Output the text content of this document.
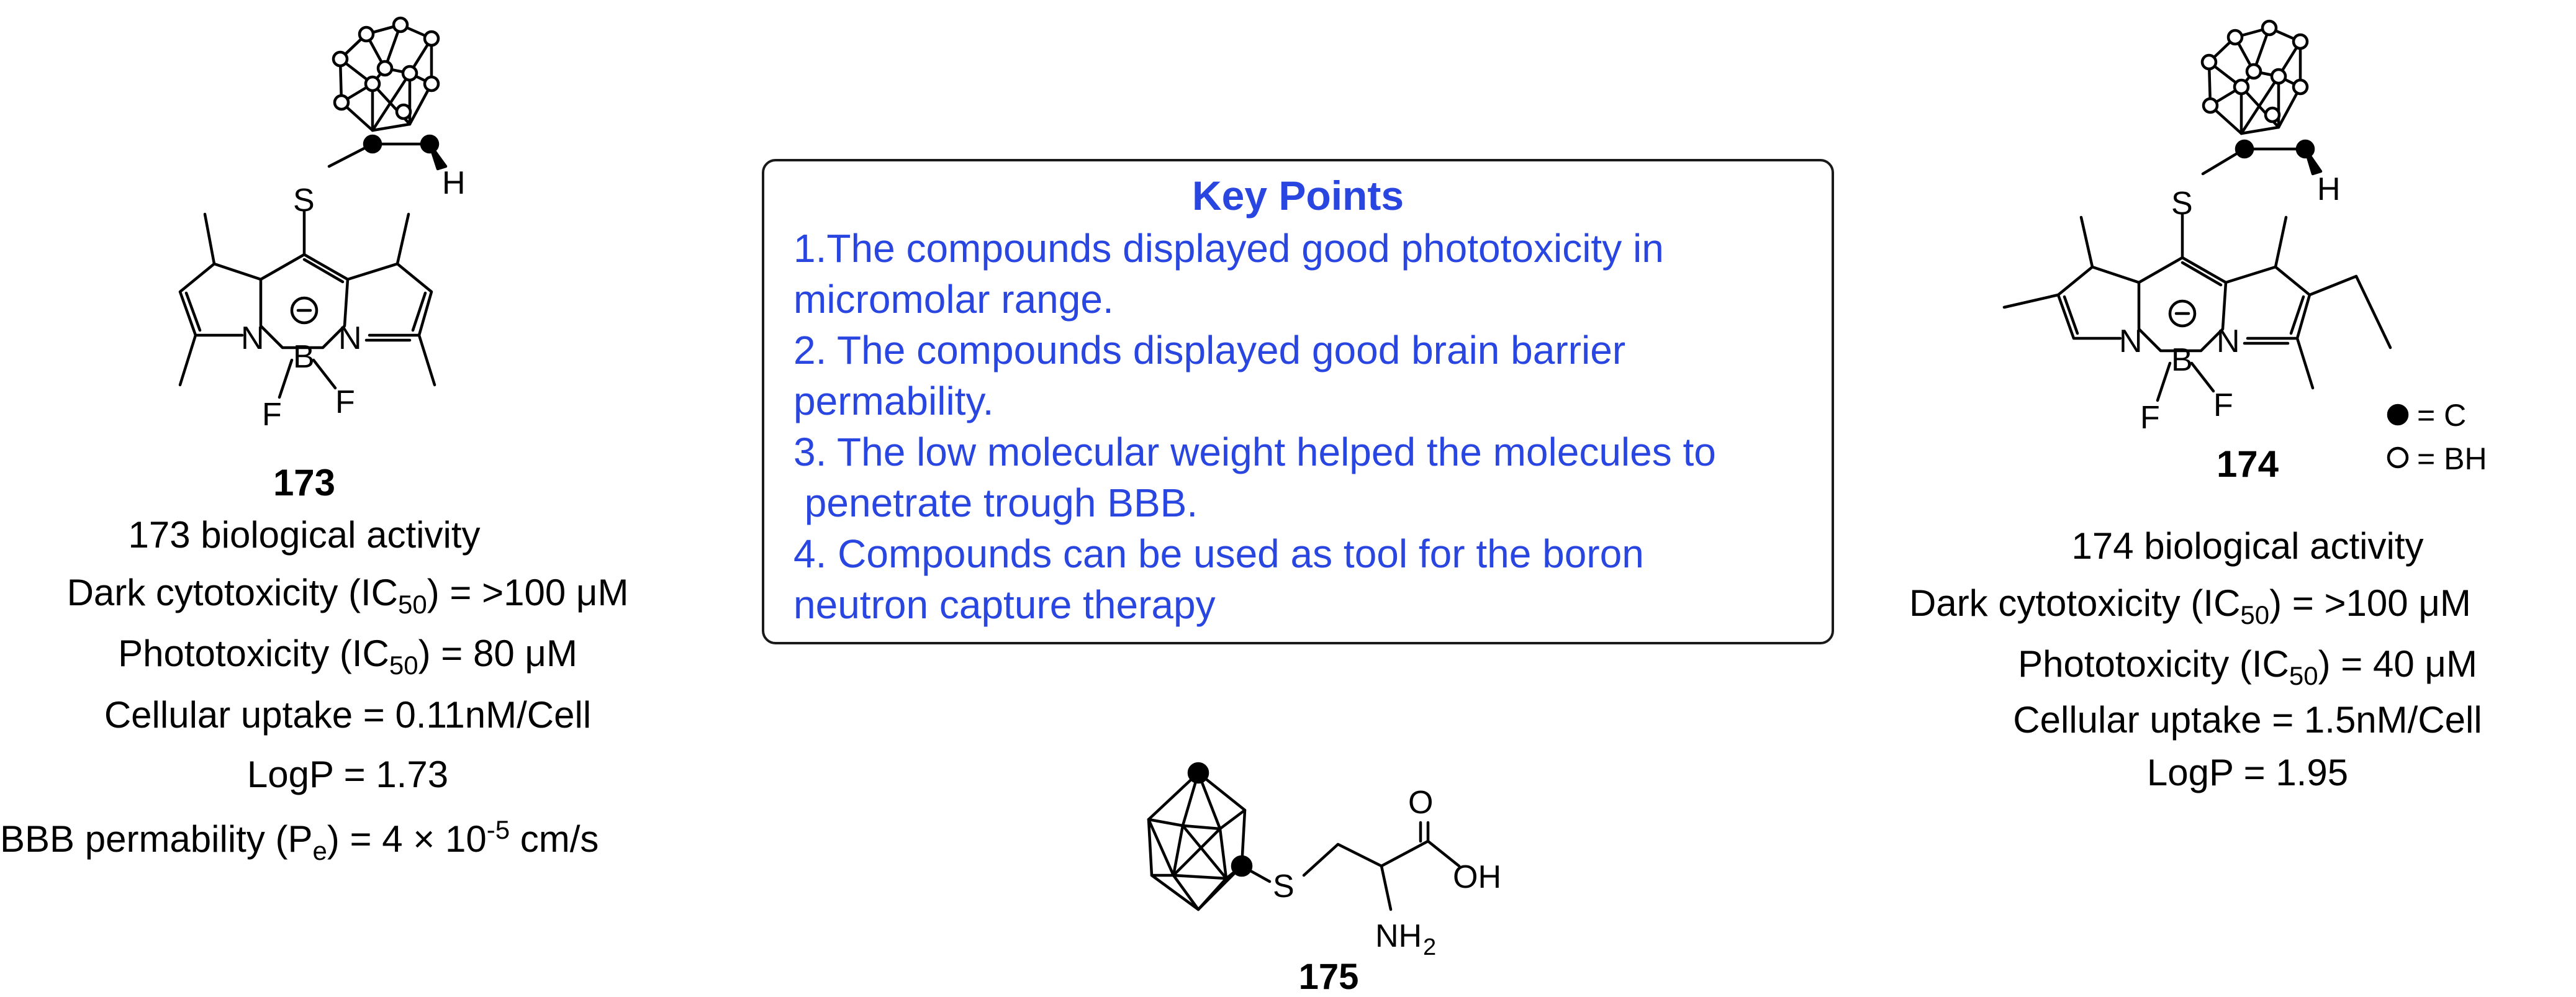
S	H
N N
B
F F
S	H
N N
B
F F
S
O
OH
NH 2
173
173 biological activity
Dark cytotoxicity $(IC_{50}) = >100$ μM
Phototoxicity $(IC_{50}) = 80$ μM
Cellular uptake = 0.11nM/Cell
LogP = 1.73
BBB permability $(P_e) = 4 \times 10^{-5}$ cm/s
Key Points
1.The compounds displayed good phototoxicity in
micromolar range.
2. The compounds displayed good brain barrier
permability.
3. The low molecular weight helped the molecules to
penetrate trough BBB.
4. Compounds can be used as tool for the boron
neutron capture therapy
174
= C
= BH
174 biological activity
Dark cytotoxicity $(IC_{50}) = >100$ μM
Phototoxicity $(IC_{50}) = 40$ μM
Cellular uptake = 1.5nM/Cell
LogP = 1.95
175
